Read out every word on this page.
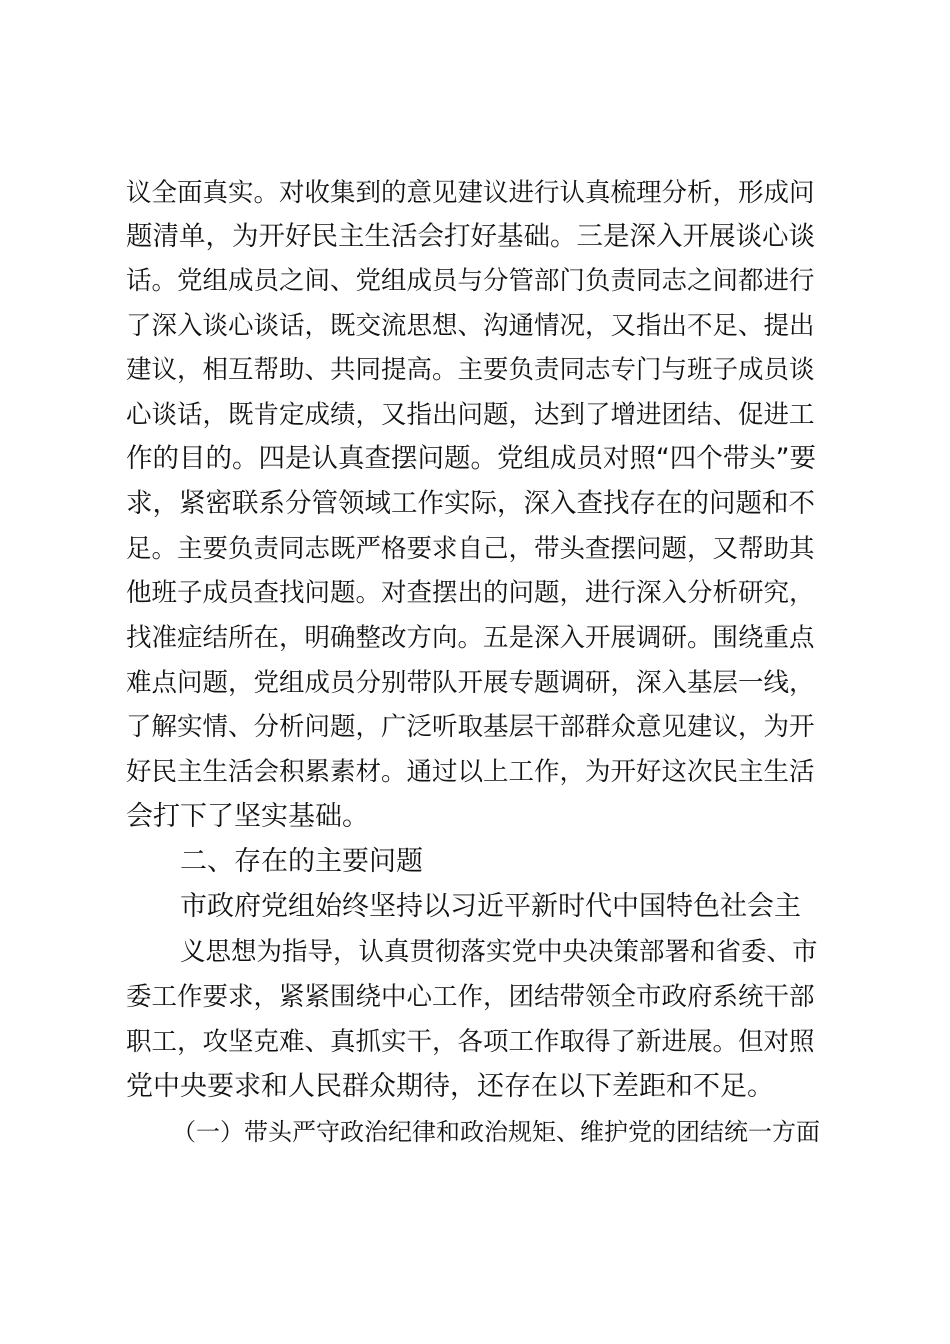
议全面真实。对收集到的意见建议进行认真梳理分析，形成问
题清单，为开好民主生活会打好基础。三是深入开展谈心谈
话。党组成员之间、党组成员与分管部门负责同志之间都进行
了深入谈心谈话，既交流思想、沟通情况，又指出不足、提出
建议，相互帮助、共同提高。主要负责同志专门与班子成员谈
心谈话，既肯定成绩，又指出问题，达到了增进团结、促进工
作的目的。四是认真查摆问题。党组成员对照“四个带头”要
求，紧密联系分管领域工作实际，深入查找存在的问题和不
足。主要负责同志既严格要求自己，带头查摆问题，又帮助其
他班子成员查找问题。对查摆出的问题，进行深入分析研究，
找准症结所在，明确整改方向。五是深入开展调研。围绕重点
难点问题，党组成员分别带队开展专题调研，深入基层一线，
了解实情、分析问题，广泛听取基层干部群众意见建议，为开
好民主生活会积累素材。通过以上工作，为开好这次民主生活
会打下了坚实基础。
二、存在的主要问题
市政府党组始终坚持以习近平新时代中国特色社会主
义思想为指导，认真贯彻落实党中央决策部署和省委、市
委工作要求，紧紧围绕中心工作，团结带领全市政府系统干部
职工，攻坚克难、真抓实干，各项工作取得了新进展。但对照
党中央要求和人民群众期待，还存在以下差距和不足。
（一）带头严守政治纪律和政治规矩、维护党的团结统一方面
